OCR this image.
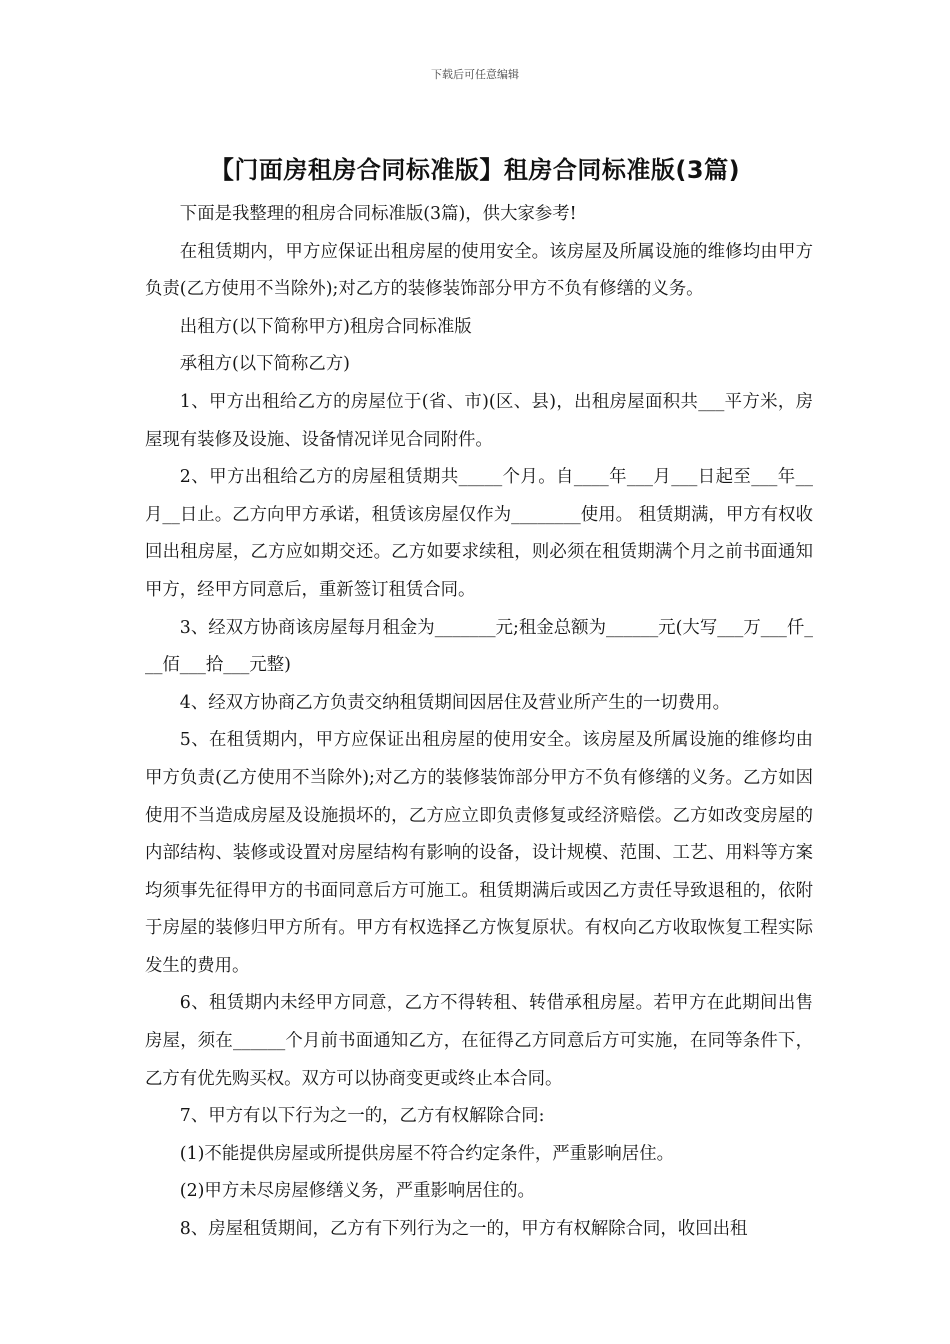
下载后可任意编辑
【门面房租房合同标准版】租房合同标准版(3篇)

下面是我整理的租房合同标准版(3篇)，供大家参考!

在租赁期内，甲方应保证出租房屋的使用安全。该房屋及所属设施的维修均由甲方负责(乙方使用不当除外);对乙方的装修装饰部分甲方不负有修缮的义务。

出租方(以下简称甲方)租房合同标准版

承租方(以下简称乙方)

1、甲方出租给乙方的房屋位于(省、市)(区、县)，出租房屋面积共___平方米，房屋现有装修及设施、设备情况详见合同附件。

2、甲方出租给乙方的房屋租赁期共_____个月。自____年___月___日起至___年__月__日止。乙方向甲方承诺，租赁该房屋仅作为________使用。 租赁期满，甲方有权收回出租房屋，乙方应如期交还。乙方如要求续租，则必须在租赁期满个月之前书面通知甲方，经甲方同意后，重新签订租赁合同。

3、经双方协商该房屋每月租金为_______元;租金总额为______元(大写___万___仟___佰___拾___元整)

4、经双方协商乙方负责交纳租赁期间因居住及营业所产生的一切费用。

5、在租赁期内，甲方应保证出租房屋的使用安全。该房屋及所属设施的维修均由甲方负责(乙方使用不当除外);对乙方的装修装饰部分甲方不负有修缮的义务。乙方如因使用不当造成房屋及设施损坏的，乙方应立即负责修复或经济赔偿。乙方如改变房屋的内部结构、装修或设置对房屋结构有影响的设备，设计规模、范围、工艺、用料等方案均须事先征得甲方的书面同意后方可施工。租赁期满后或因乙方责任导致退租的，依附于房屋的装修归甲方所有。甲方有权选择乙方恢复原状。有权向乙方收取恢复工程实际发生的费用。

6、租赁期内未经甲方同意，乙方不得转租、转借承租房屋。若甲方在此期间出售房屋，须在______个月前书面通知乙方，在征得乙方同意后方可实施，在同等条件下，乙方有优先购买权。双方可以协商变更或终止本合同。

7、甲方有以下行为之一的，乙方有权解除合同:

(1)不能提供房屋或所提供房屋不符合约定条件，严重影响居住。

(2)甲方未尽房屋修缮义务，严重影响居住的。

8、房屋租赁期间，乙方有下列行为之一的，甲方有权解除合同，收回出租
